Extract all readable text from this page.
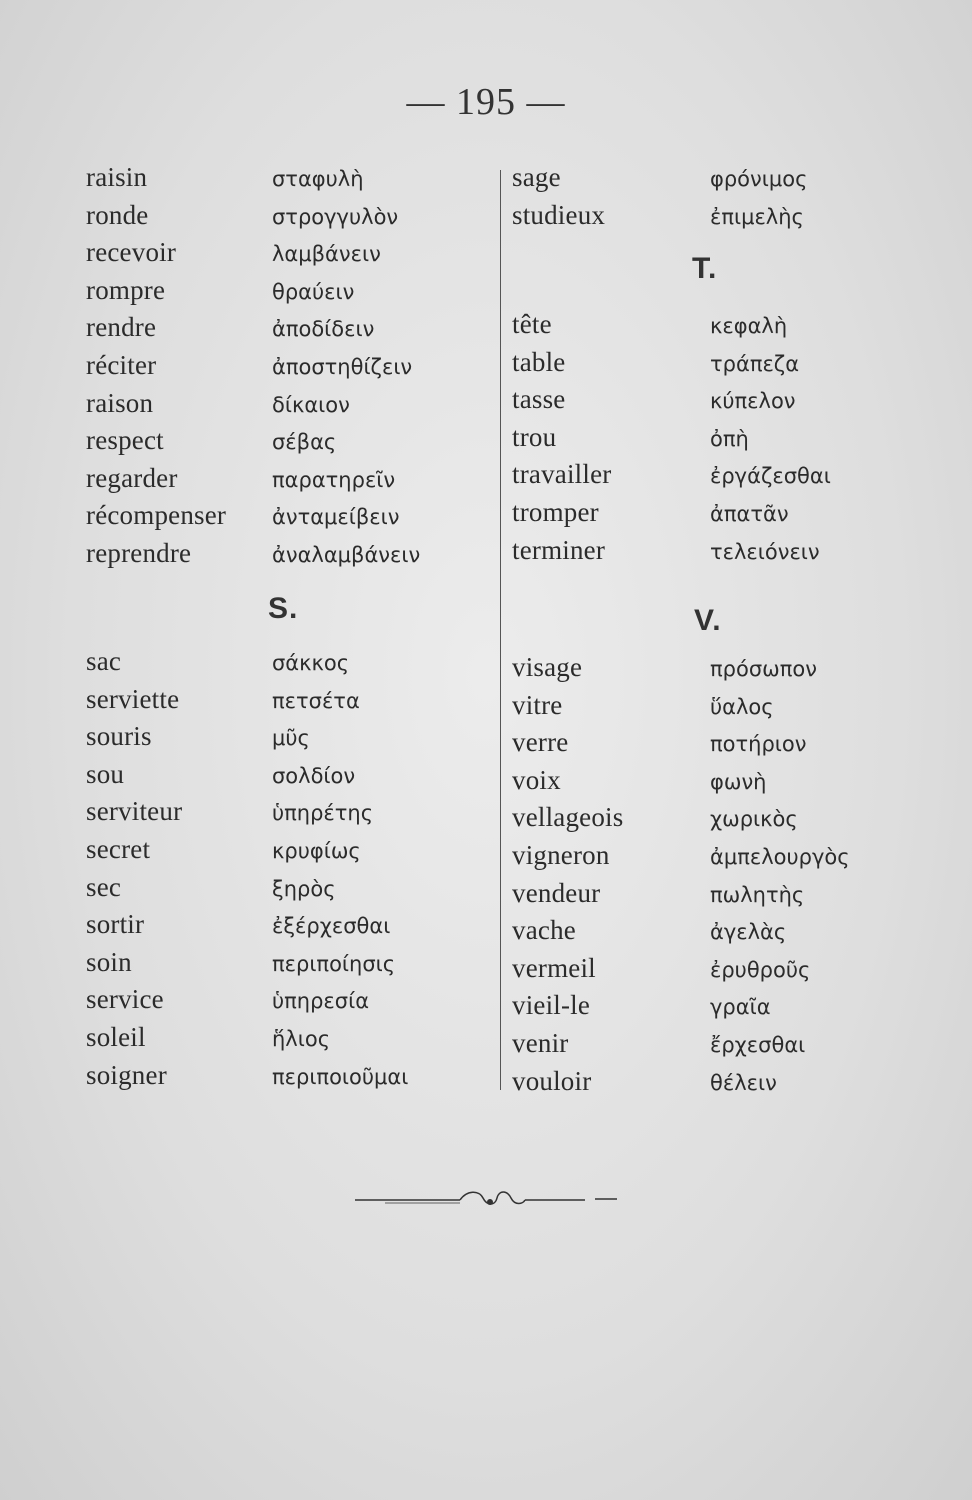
— 195 —
S.
T.
V.
raisin	σταφυλὴ
ronde	στρογγυλὸν
recevoir	λαμβάνειν
rompre	θραύειν
rendre	ἀποδίδειν
réciter	ἀποστηθίζειν
raison	δίκαιον
respect	σέβας
regarder	παρατηρεῖν
récompenser ἀνταμείβειν
reprendre	ἀναλαμβάνειν
sac	σάκκος
serviette	πετσέτα
souris	μῦς
sou	σολδίον
serviteur	ὑπηρέτης
secret	κρυφίως
sec	ξηρὸς
sortir	ἐξέρχεσθαι
soin	περιποίησις
service	ὑπηρεσία
soleil	ἥλιος
soigner	περιποιοῦμαι
sage	φρόνιμος
studieux	ἐπιμελὴς
tête	κεφαλὴ
table	τράπεζα
tasse	κύπελον
trou	ὀπὴ
travailler	ἐργάζεσθαι
tromper	ἀπατᾶν
terminer	τελειόνειν
visage	πρόσωπον
vitre	ὕαλος
verre	ποτήριον
voix	φωνὴ
vellageois	χωρικὸς
vigneron	ἀμπελουργὸς
vendeur	πωλητὴς
vache	ἀγελὰς
vermeil	ἐρυθροῦς
vieil-le	γραῖα
venir	ἔρχεσθαι
vouloir	θέλειν
